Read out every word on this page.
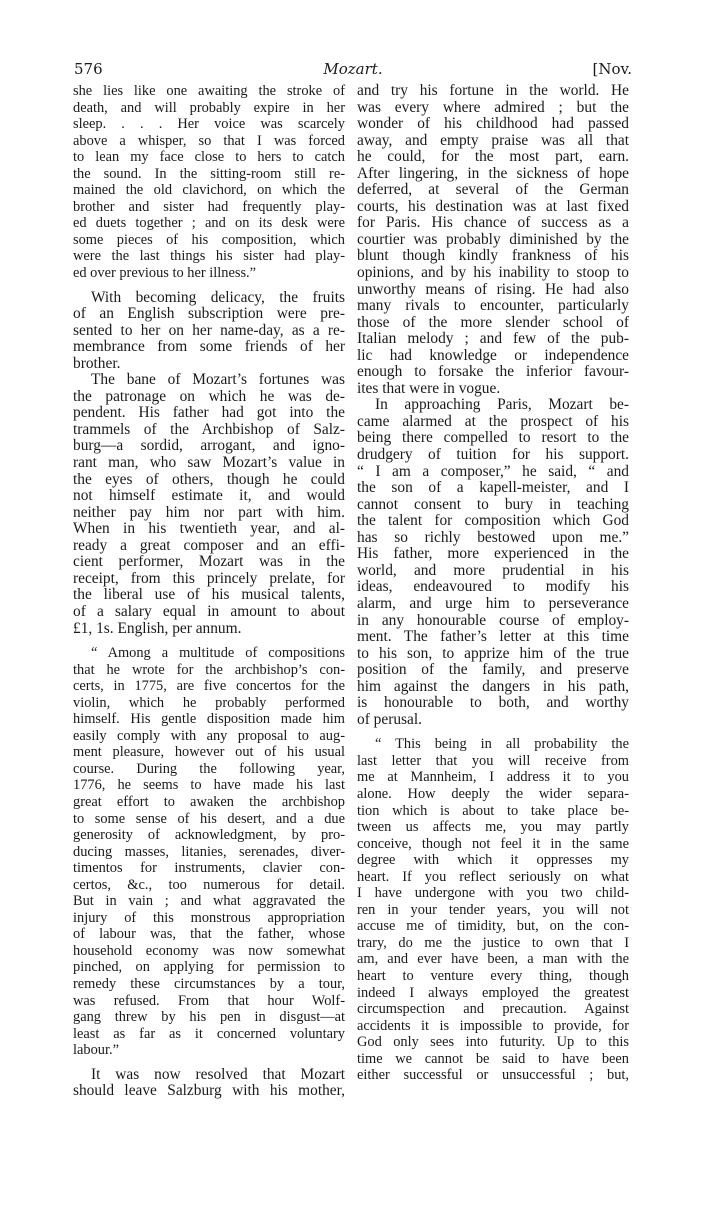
576	Mozart.	[Nov.
she lies like one awaiting the stroke of
death, and will probably expire in her
sleep. . . . Her voice was scarcely
above a whisper, so that I was forced
to lean my face close to hers to catch
the sound. In the sitting-room still re-
mained the old clavichord, on which the
brother and sister had frequently play-
ed duets together ; and on its desk were
some pieces of his composition, which
were the last things his sister had play-
ed over previous to her illness.”
With becoming delicacy, the fruits
of an English subscription were pre-
sented to her on her name-day, as a re-
membrance from some friends of her
brother.
The bane of Mozart’s fortunes was
the patronage on which he was de-
pendent. His father had got into the
trammels of the Archbishop of Salz-
burg—a sordid, arrogant, and igno-
rant man, who saw Mozart’s value in
the eyes of others, though he could
not himself estimate it, and would
neither pay him nor part with him.
When in his twentieth year, and al-
ready a great composer and an effi-
cient performer, Mozart was in the
receipt, from this princely prelate, for
the liberal use of his musical talents,
of a salary equal in amount to about
£1, 1s. English, per annum.
“ Among a multitude of compositions
that he wrote for the archbishop’s con-
certs, in 1775, are five concertos for the
violin, which he probably performed
himself. His gentle disposition made him
easily comply with any proposal to aug-
ment pleasure, however out of his usual
course. During the following year,
1776, he seems to have made his last
great effort to awaken the archbishop
to some sense of his desert, and a due
generosity of acknowledgment, by pro-
ducing masses, litanies, serenades, diver-
timentos for instruments, clavier con-
certos, &c., too numerous for detail.
But in vain ; and what aggravated the
injury of this monstrous appropriation
of labour was, that the father, whose
household economy was now somewhat
pinched, on applying for permission to
remedy these circumstances by a tour,
was refused. From that hour Wolf-
gang threw by his pen in disgust—at
least as far as it concerned voluntary
labour.”
It was now resolved that Mozart
should leave Salzburg with his mother,
and try his fortune in the world. He
was every where admired ; but the
wonder of his childhood had passed
away, and empty praise was all that
he could, for the most part, earn.
After lingering, in the sickness of hope
deferred, at several of the German
courts, his destination was at last fixed
for Paris. His chance of success as a
courtier was probably diminished by the
blunt though kindly frankness of his
opinions, and by his inability to stoop to
unworthy means of rising. He had also
many rivals to encounter, particularly
those of the more slender school of
Italian melody ; and few of the pub-
lic had knowledge or independence
enough to forsake the inferior favour-
ites that were in vogue.
In approaching Paris, Mozart be-
came alarmed at the prospect of his
being there compelled to resort to the
drudgery of tuition for his support.
“ I am a composer,” he said, “ and
the son of a kapell-meister, and I
cannot consent to bury in teaching
the talent for composition which God
has so richly bestowed upon me.”
His father, more experienced in the
world, and more prudential in his
ideas, endeavoured to modify his
alarm, and urge him to perseverance
in any honourable course of employ-
ment. The father’s letter at this time
to his son, to apprize him of the true
position of the family, and preserve
him against the dangers in his path,
is honourable to both, and worthy
of perusal.
“ This being in all probability the
last letter that you will receive from
me at Mannheim, I address it to you
alone. How deeply the wider separa-
tion which is about to take place be-
tween us affects me, you may partly
conceive, though not feel it in the same
degree with which it oppresses my
heart. If you reflect seriously on what
I have undergone with you two child-
ren in your tender years, you will not
accuse me of timidity, but, on the con-
trary, do me the justice to own that I
am, and ever have been, a man with the
heart to venture every thing, though
indeed I always employed the greatest
circumspection and precaution. Against
accidents it is impossible to provide, for
God only sees into futurity. Up to this
time we cannot be said to have been
either successful or unsuccessful ; but,
